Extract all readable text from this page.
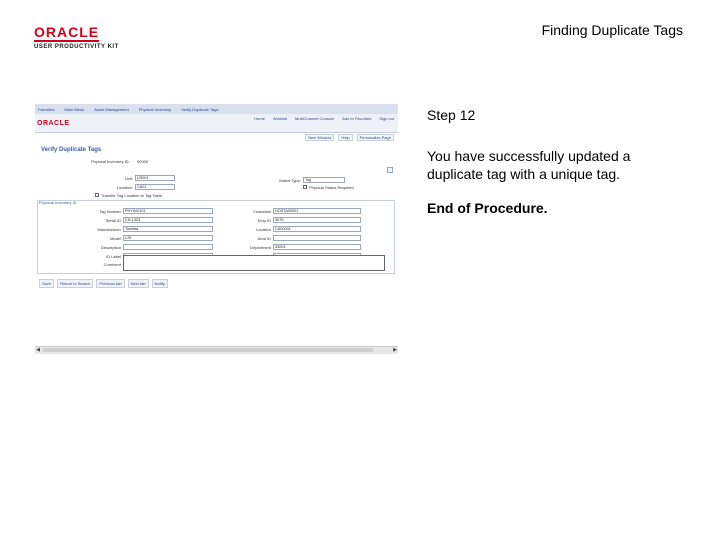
ORACLE
USER PRODUCTIVITY KIT
Finding Duplicate Tags
Favorites	Main Menu	Asset Management	Physical Inventory	Verify Duplicate Tags
ORACLE
Home Worklist MultiChannel Console Add to Favorites Sign out
New Window	Help	Personalize Page
Verify Duplicate Tags
Physical Inventory ID: 00000
Unit:	US001
Location:	CA01
Transfer Tag Location to Tag Table
Match Type:	Tag
Physical Status Required
Physical Inventory ID
Tag Number	PHYINV101
Serial ID	CN-1323
Manufacturer	Toshiba
Model	L25
Description
ID Label
Custodian	HOSTA00001
Emp ID	3075
Location	CA00001
Area ID
Department	33001
Comment
Save	Return to Search	Previous tab	Next tab	Notify
◀	▶
Step 12
You have successfully updated a duplicate tag with a unique tag.
End of Procedure.
